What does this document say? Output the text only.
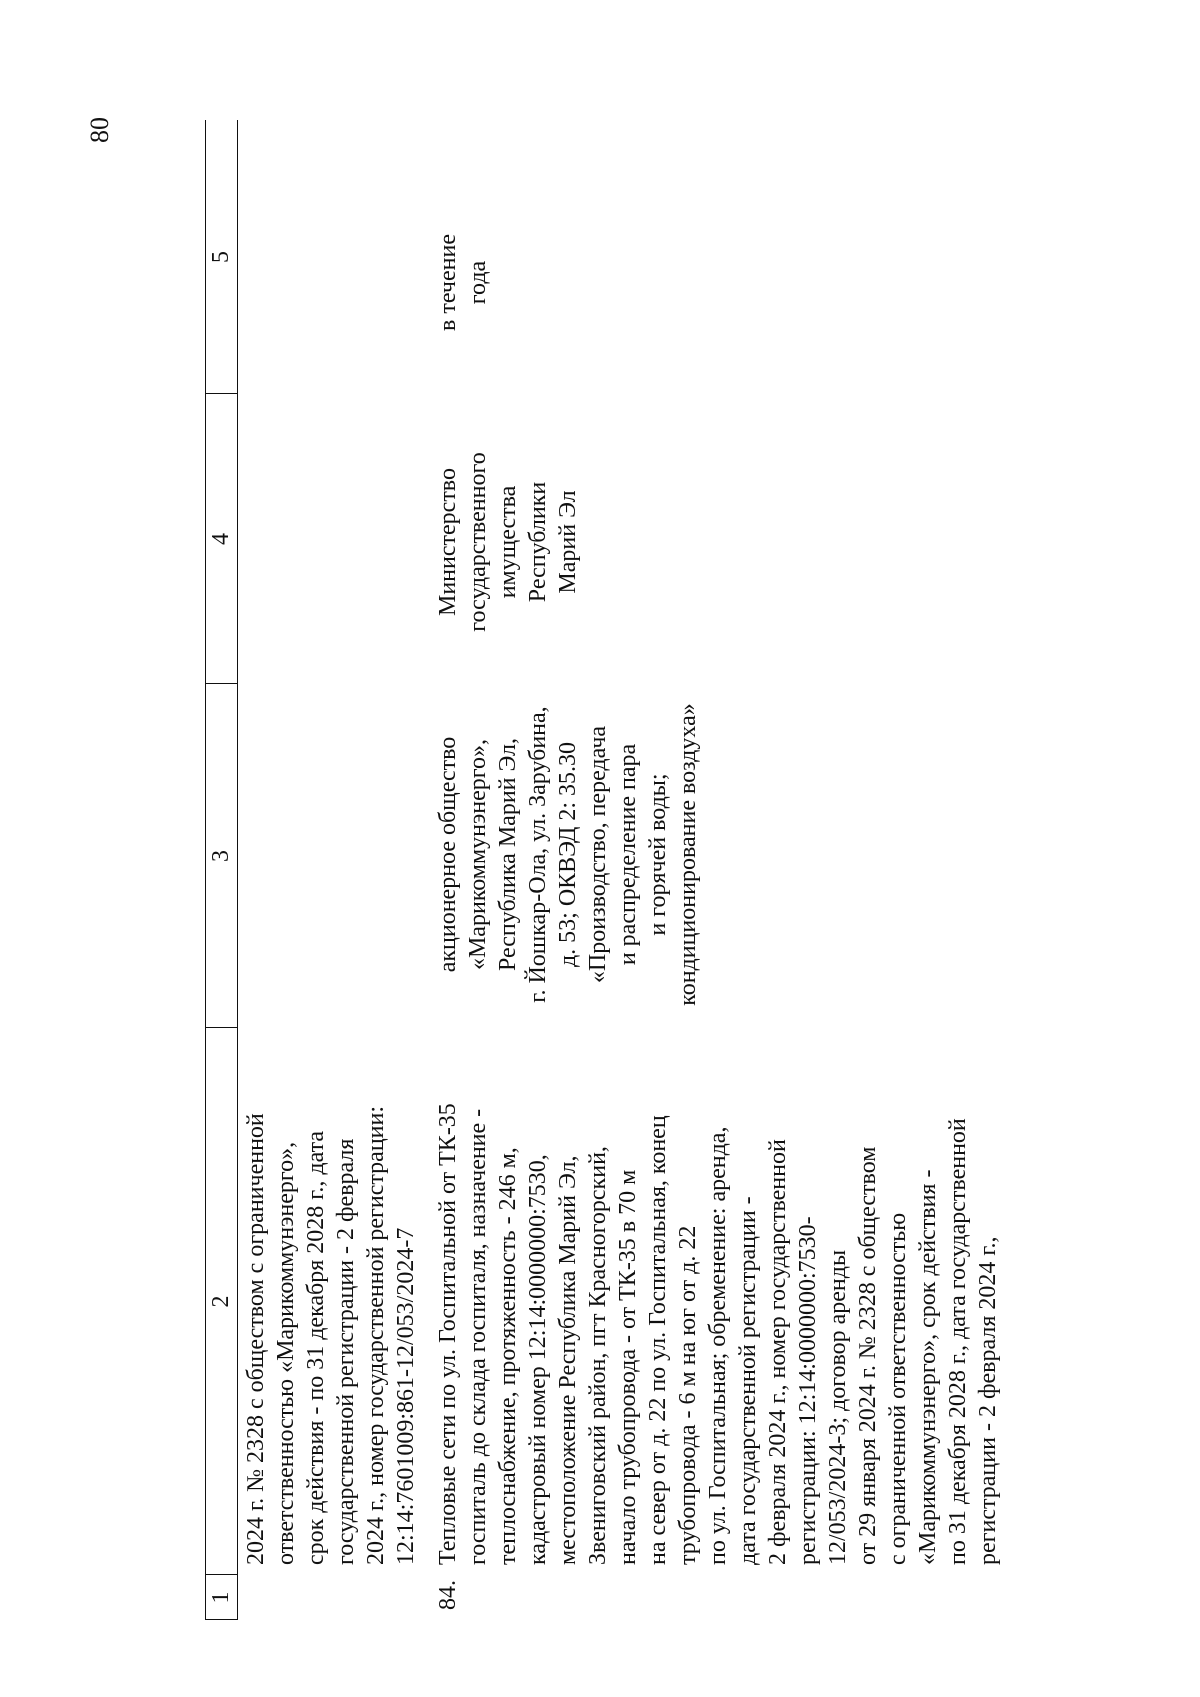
80
1
2
3
4
5
2024 г. № 2328 с обществом с ограниченной ответственностью «Марикоммунэнерго», срок действия - по 31 декабря 2028 г., дата государственной регистрации - 2 февраля 2024 г., номер государственной регистрации: 12:14:7601009:861-12/053/2024-7
84.
Тепловые сети по ул. Госпитальной от ТК-35 госпиталь до склада госпиталя, назначение - теплоснабжение, протяженность - 246 м, кадастровый номер 12:14:0000000:7530, местоположение Республика Марий Эл, Звениговский район, пгт Красногорский, начало трубопровода - от ТК-35 в 70 м на север от д. 22 по ул. Госпитальная, конец трубопровода - 6 м на юг от д. 22 по ул. Госпитальная; обременение: аренда, дата государственной регистрации - 2 февраля 2024 г., номер государственной регистрации: 12:14:0000000:7530- 12/053/2024-3; договор аренды от 29 января 2024 г. № 2328 с обществом с ограниченной ответственностью «Марикоммунэнерго», срок действия - по 31 декабря 2028 г., дата государственной регистрации - 2 февраля 2024 г.,
акционерное общество «Марикоммунэнерго», Республика Марий Эл, г. Йошкар-Ола, ул. Зарубина, д. 53; ОКВЭД 2: 35.30 «Производство, передача и распределение пара и горячей воды; кондиционирование воздуха»
Министерство государственного имущества Республики Марий Эл
в течение года
